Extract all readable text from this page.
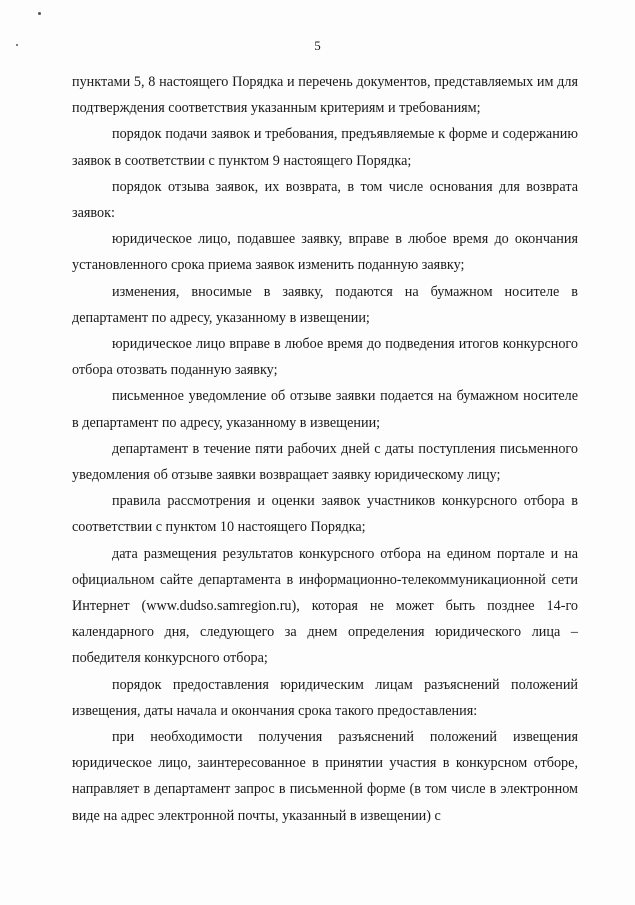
5

пунктами 5, 8 настоящего Порядка и перечень документов, представляемых им для подтверждения соответствия указанным критериям и требованиям;

порядок подачи заявок и требования, предъявляемые к форме и содержанию заявок в соответствии с пунктом 9 настоящего Порядка;

порядок отзыва заявок, их возврата, в том числе основания для возврата заявок:

юридическое лицо, подавшее заявку, вправе в любое время до окончания установленного срока приема заявок изменить поданную заявку;

изменения, вносимые в заявку, подаются на бумажном носителе в департамент по адресу, указанному в извещении;

юридическое лицо вправе в любое время до подведения итогов конкурсного отбора отозвать поданную заявку;

письменное уведомление об отзыве заявки подается на бумажном носителе в департамент по адресу, указанному в извещении;

департамент в течение пяти рабочих дней с даты поступления письменного уведомления об отзыве заявки возвращает заявку юридическому лицу;

правила рассмотрения и оценки заявок участников конкурсного отбора в соответствии с пунктом 10 настоящего Порядка;

дата размещения результатов конкурсного отбора на едином портале и на официальном сайте департамента в информационно-телекоммуникационной сети Интернет (www.dudso.samregion.ru), которая не может быть позднее 14-го календарного дня, следующего за днем определения юридического лица – победителя конкурсного отбора;

порядок предоставления юридическим лицам разъяснений положений извещения, даты начала и окончания срока такого предоставления:

при необходимости получения разъяснений положений извещения юридическое лицо, заинтересованное в принятии участия в конкурсном отборе, направляет в департамент запрос в письменной форме (в том числе в электронном виде на адрес электронной почты, указанный в извещении) с
